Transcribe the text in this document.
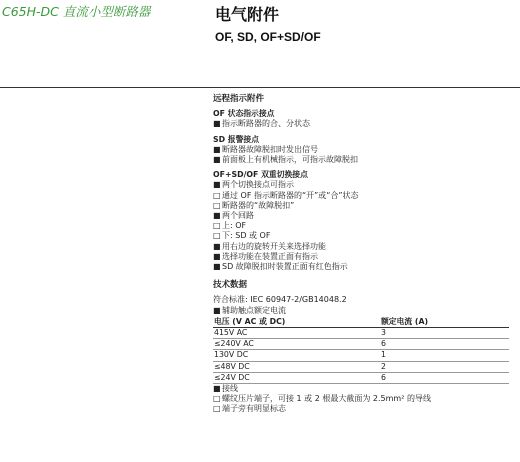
C65H-DC 直流小型断路器	电气附件
OF, SD, OF+SD/OF
远程指示附件
OF 状态指示接点
■指示断路器的合、分状态
SD 报警接点
■断路器故障脱扣时发出信号
■前面板上有机械指示，可指示故障脱扣
OF+SD/OF 双重切换接点
■两个切换接点可指示
□通过 OF 指示断路器的“开”或“合”状态
□断路器的“故障脱扣”
■两个回路
□上: OF
□下: SD 或 OF
■用右边的旋转开关来选择功能
■选择功能在装置正面有指示
■SD 故障脱扣时装置正面有红色指示
技术数据
符合标准: IEC 60947-2/GB14048.2
■辅助触点额定电流
电压 (V AC 或 DC)	额定电流 (A)
415V AC	3
≤240V AC	6
130V DC	1
≤48V DC	2
≤24V DC	6
■接线
□螺纹压片端子，可接 1 或 2 根最大截面为 2.5mm² 的导线
□端子旁有明显标志
